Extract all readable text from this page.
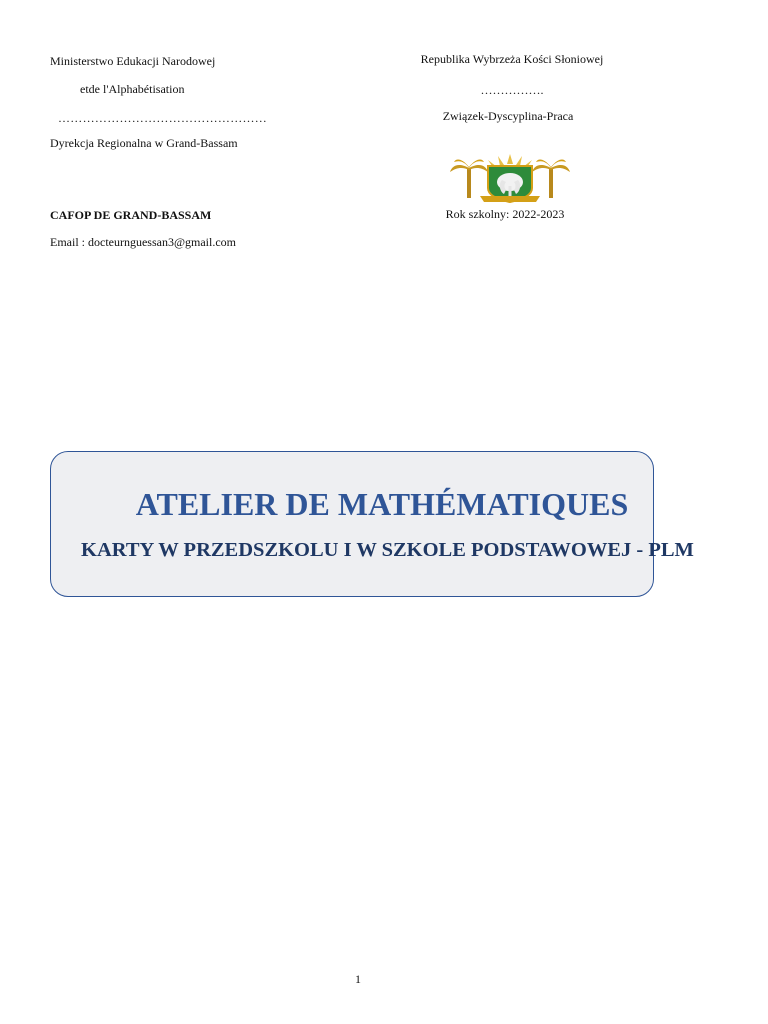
Ministerstwo Edukacji Narodowej
etde l'Alphabétisation
……………………………………………
Dyrekcja Regionalna w Grand-Bassam
CAFOP DE GRAND-BASSAM
Email : docteurnguessan3@gmail.com
Republika Wybrzeża Kości Słoniowej
…………….
Związek-Dyscyplina-Praca
Rok szkolny: 2022-2023
ATELIER DE MATHÉMATIQUES
KARTY W PRZEDSZKOLU I W SZKOLE PODSTAWOWEJ - PLM
1
